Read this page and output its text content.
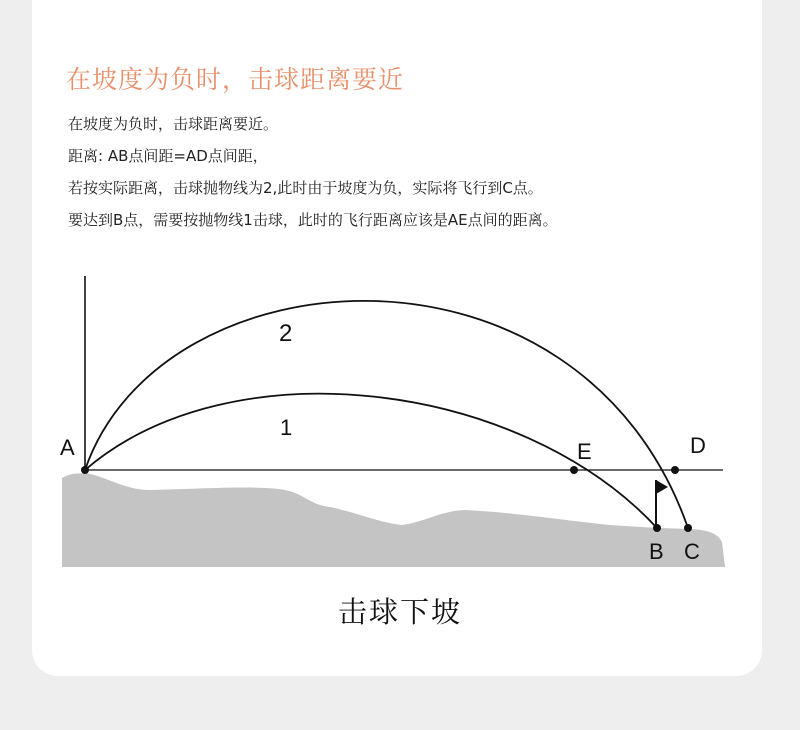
在坡度为负时，击球距离要近
在坡度为负时，击球距离要近。
距离: AB点间距=AD点间距，
若按实际距离，击球抛物线为2,此时由于坡度为负，实际将飞行到C点。
要达到B点，需要按抛物线1击球，此时的飞行距离应该是AE点间的距离。
A	E	D
B C
2
1
击球下坡
